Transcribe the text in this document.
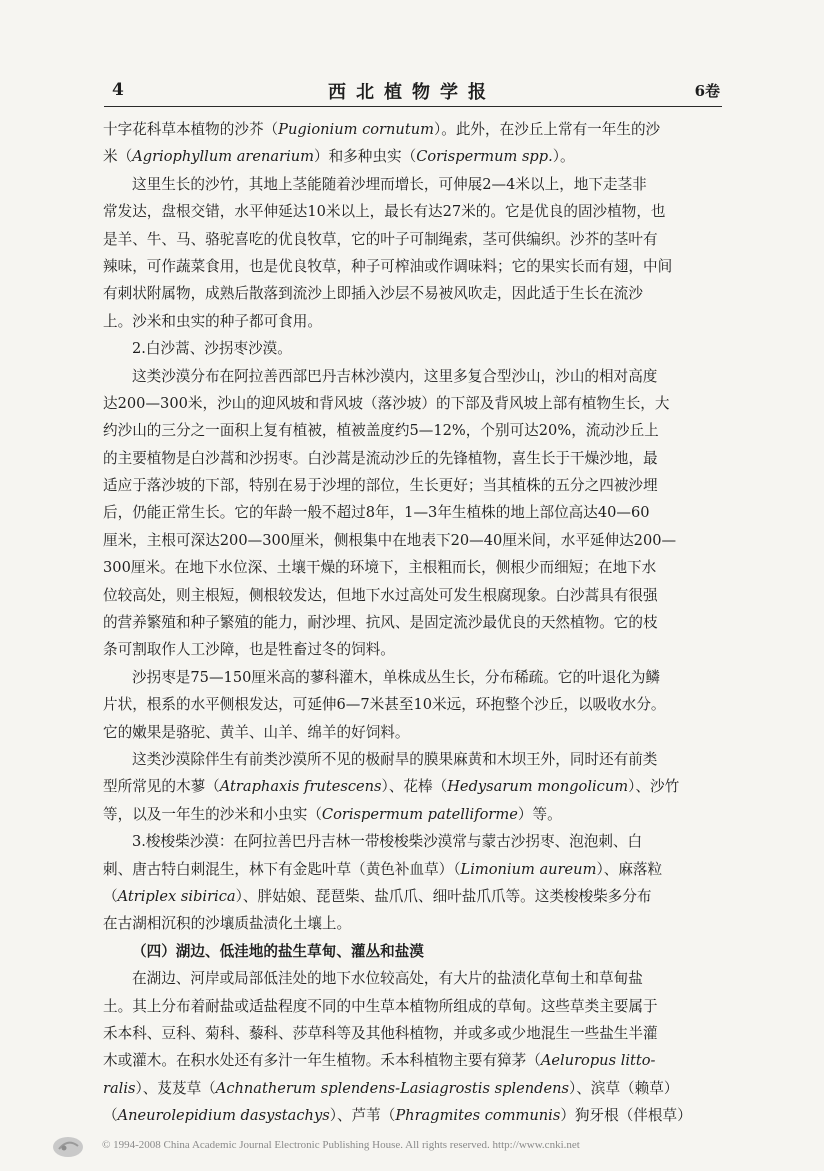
4	西北植物学报	6卷
十字花科草本植物的沙芥（Pugionium cornutum）。此外，在沙丘上常有一年生的沙
米（Agriophyllum arenarium）和多种虫实（Corispermum spp.）。
这里生长的沙竹，其地上茎能随着沙埋而增长，可伸展2—4米以上，地下走茎非
常发达，盘根交错，水平伸延达10米以上，最长有达27米的。它是优良的固沙植物，也
是羊、牛、马、骆驼喜吃的优良牧草，它的叶子可制绳索，茎可供编织。沙芥的茎叶有
辣味，可作蔬菜食用，也是优良牧草，种子可榨油或作调味料；它的果实长而有翅，中间
有刺状附属物，成熟后散落到流沙上即插入沙层不易被风吹走，因此适于生长在流沙
上。沙米和虫实的种子都可食用。
2.白沙蒿、沙拐枣沙漠。
这类沙漠分布在阿拉善西部巴丹吉林沙漠内，这里多复合型沙山，沙山的相对高度
达200—300米，沙山的迎风坡和背风坡（落沙坡）的下部及背风坡上部有植物生长，大
约沙山的三分之一面积上复有植被，植被盖度约5—12%，个别可达20%，流动沙丘上
的主要植物是白沙蒿和沙拐枣。白沙蒿是流动沙丘的先锋植物，喜生长于干燥沙地，最
适应于落沙坡的下部，特别在易于沙埋的部位，生长更好；当其植株的五分之四被沙埋
后，仍能正常生长。它的年龄一般不超过8年，1—3年生植株的地上部位高达40—60
厘米，主根可深达200—300厘米，侧根集中在地表下20—40厘米间，水平延伸达200—
300厘米。在地下水位深、土壤干燥的环境下，主根粗而长，侧根少而细短；在地下水
位较高处，则主根短，侧根较发达，但地下水过高处可发生根腐现象。白沙蒿具有很强
的营养繁殖和种子繁殖的能力，耐沙埋、抗风、是固定流沙最优良的天然植物。它的枝
条可割取作人工沙障，也是牲畜过冬的饲料。
沙拐枣是75—150厘米高的蓼科灌木，单株成丛生长，分布稀疏。它的叶退化为鳞
片状，根系的水平侧根发达，可延伸6—7米甚至10米远，环抱整个沙丘，以吸收水分。
它的嫩果是骆驼、黄羊、山羊、绵羊的好饲料。
这类沙漠除伴生有前类沙漠所不见的极耐旱的膜果麻黄和木坝王外，同时还有前类
型所常见的木蓼（Atraphaxis frutescens）、花棒（Hedysarum mongolicum）、沙竹
等，以及一年生的沙米和小虫实（Corispermum patelliforme）等。
3.梭梭柴沙漠：在阿拉善巴丹吉林一带梭梭柴沙漠常与蒙古沙拐枣、泡泡刺、白
刺、唐古特白刺混生，林下有金匙叶草（黄色补血草）（Limonium aureum）、麻落粒
（Atriplex sibirica）、胖姑娘、琵琶柴、盐爪爪、细叶盐爪爪等。这类梭梭柴多分布
在古湖相沉积的沙壤质盐渍化土壤上。
（四）湖边、低洼地的盐生草甸、灌丛和盐漠
在湖边、河岸或局部低洼处的地下水位较高处，有大片的盐渍化草甸土和草甸盐
土。其上分布着耐盐或适盐程度不同的中生草本植物所组成的草甸。这些草类主要属于
禾本科、豆科、菊科、藜科、莎草科等及其他科植物，并或多或少地混生一些盐生半灌
木或灌木。在积水处还有多汁一年生植物。禾本科植物主要有獐茅（Aeluropus litto-
ralis）、芨芨草（Achnatherum splendens-Lasiagrostis splendens）、滨草（赖草）
（Aneurolepidium dasystachys）、芦苇（Phragmites communis）狗牙根（伴根草）
© 1994-2008 China Academic Journal Electronic Publishing House. All rights reserved. http://www.cnki.net
